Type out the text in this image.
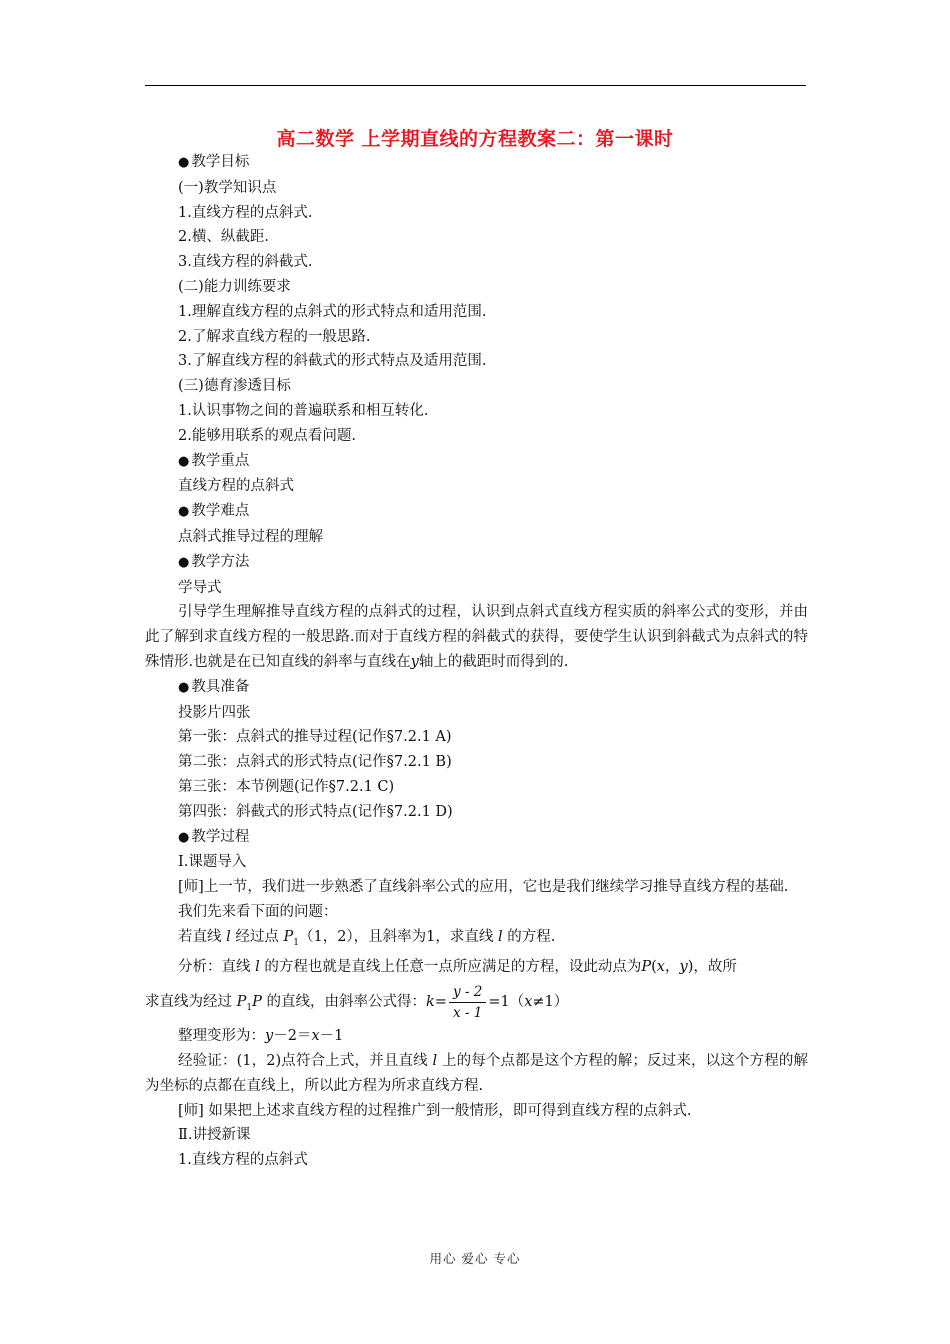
高二数学 上学期直线的方程教案二：第一课时
● 教学目标
(一)教学知识点
1.直线方程的点斜式.
2.横、纵截距.
3.直线方程的斜截式.
(二)能力训练要求
1.理解直线方程的点斜式的形式特点和适用范围.
2.了解求直线方程的一般思路.
3.了解直线方程的斜截式的形式特点及适用范围.
(三)德育渗透目标
1.认识事物之间的普遍联系和相互转化.
2.能够用联系的观点看问题.
● 教学重点
直线方程的点斜式
● 教学难点
点斜式推导过程的理解
● 教学方法
学导式
引导学生理解推导直线方程的点斜式的过程，认识到点斜式直线方程实质的斜率公式的变形，并由此了解到求直线方程的一般思路.而对于直线方程的斜截式的获得，要使学生认识到斜截式为点斜式的特殊情形.也就是在已知直线的斜率与直线在y轴上的截距时而得到的.
● 教具准备
投影片四张
第一张：点斜式的推导过程(记作§7.2.1 A)
第二张：点斜式的形式特点(记作§7.2.1 B)
第三张：本节例题(记作§7.2.1 C)
第四张：斜截式的形式特点(记作§7.2.1 D)
● 教学过程
Ⅰ.课题导入
[师]上一节，我们进一步熟悉了直线斜率公式的应用，它也是我们继续学习推导直线方程的基础.
我们先来看下面的问题：
若直线 l 经过点 $P_1(1$，2），且斜率为1，求直线 l 的方程.
分析：直线 l 的方程也就是直线上任意一点所应满足的方程，设此动点为P(x，y)，故所
求直线为经过 $P_1P$ 的直线，由斜率公式得：$k= \frac{y - 2}{x - 1} =1(x\ne 1)$
整理变形为：y－2＝x－1
经验证：(1，2)点符合上式，并且直线 l 上的每个点都是这个方程的解；反过来，以这个方程的解为坐标的点都在直线上，所以此方程为所求直线方程.
[师] 如果把上述求直线方程的过程推广到一般情形，即可得到直线方程的点斜式.
Ⅱ.讲授新课
1.直线方程的点斜式
用心 爱心 专心
